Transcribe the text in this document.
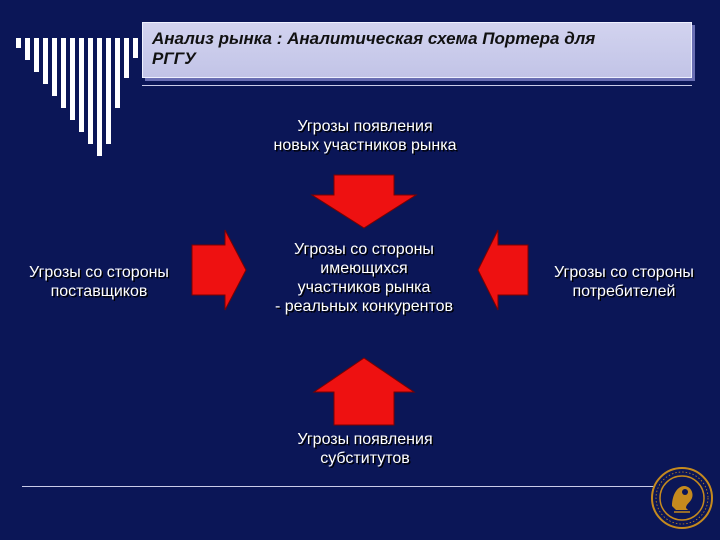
Анализ рынка : Аналитическая схема Портера для
РГГУ
Угрозы появления
новых участников рынка
Угрозы со стороны
поставщиков
Угрозы со стороны
имеющихся
участников рынка
- реальных конкурентов
Угрозы со стороны
потребителей
Угрозы появления
субститутов
